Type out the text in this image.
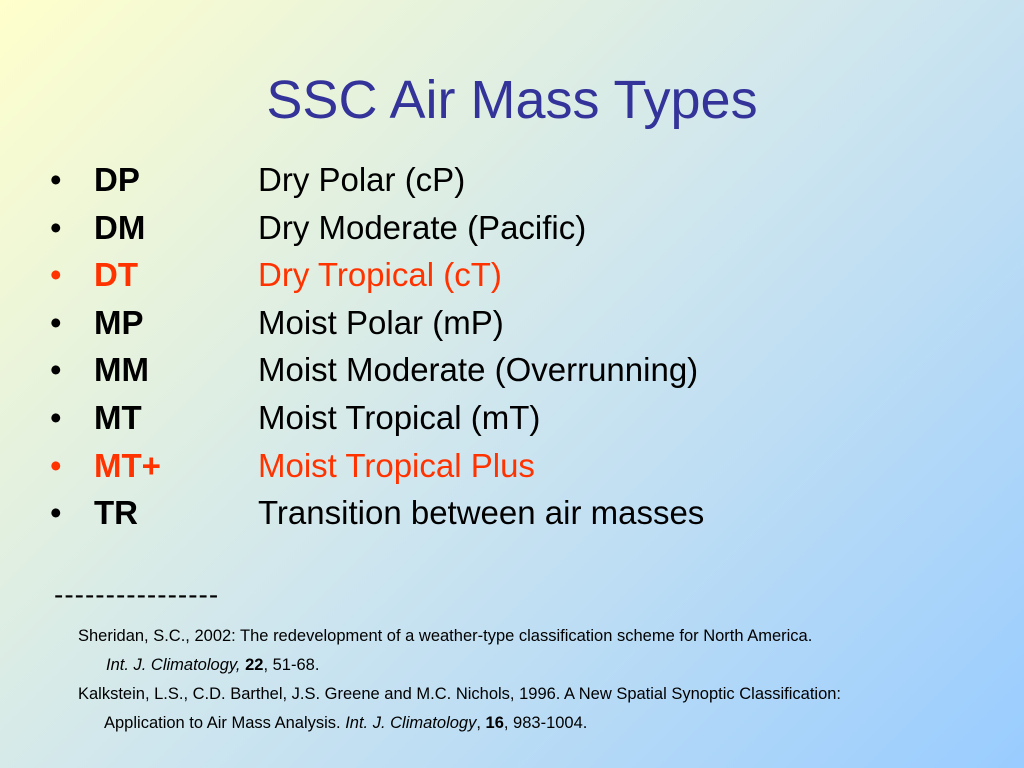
SSC Air Mass Types
• DP	Dry Polar (cP)
• DM	Dry Moderate (Pacific)
• DT	Dry Tropical (cT)
• MP	Moist Polar (mP)
• MM	Moist Moderate (Overrunning)
• MT	Moist Tropical (mT)
• MT+	Moist Tropical Plus
• TR	Transition between air masses
----------------
Sheridan, S.C., 2002: The redevelopment of a weather-type classification scheme for North America.
Int. J. Climatology, 22, 51-68.
Kalkstein, L.S., C.D. Barthel, J.S. Greene and M.C. Nichols, 1996. A New Spatial Synoptic Classification:
Application to Air Mass Analysis. Int. J. Climatology, 16, 983-1004.
